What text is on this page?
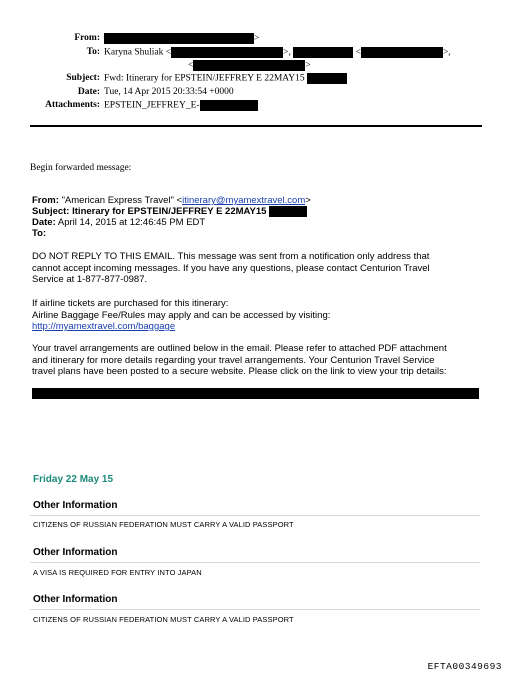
From:	>
To: Karyna Shuliak <	>,	<	>,
<	>
Subject: Fwd: Itinerary for EPSTEIN/JEFFREY E 22MAY15
Date: Tue, 14 Apr 2015 20:33:54 +0000
Attachments: EPSTEIN_JEFFREY_E-
Begin forwarded message:
From: "American Express Travel" <itinerary@myamextravel.com>
Subject: Itinerary for EPSTEIN/JEFFREY E 22MAY15
Date: April 14, 2015 at 12:46:45 PM EDT
To:
DO NOT REPLY TO THIS EMAIL. This message was sent from a notification only address that
cannot accept incoming messages. If you have any questions, please contact Centurion Travel
Service at 1-877-877-0987.
If airline tickets are purchased for this itinerary:
Airline Baggage Fee/Rules may apply and can be accessed by visiting:
http://myamextravel.com/baggage
Your travel arrangements are outlined below in the email. Please refer to attached PDF attachment
and itinerary for more details regarding your travel arrangements. Your Centurion Travel Service
travel plans have been posted to a secure website. Please click on the link to view your trip details:
Friday 22 May 15
Other Information
CITIZENS OF RUSSIAN FEDERATION MUST CARRY A VALID PASSPORT
Other Information
A VISA IS REQUIRED FOR ENTRY INTO JAPAN
Other Information
CITIZENS OF RUSSIAN FEDERATION MUST CARRY A VALID PASSPORT
EFTA00349693
